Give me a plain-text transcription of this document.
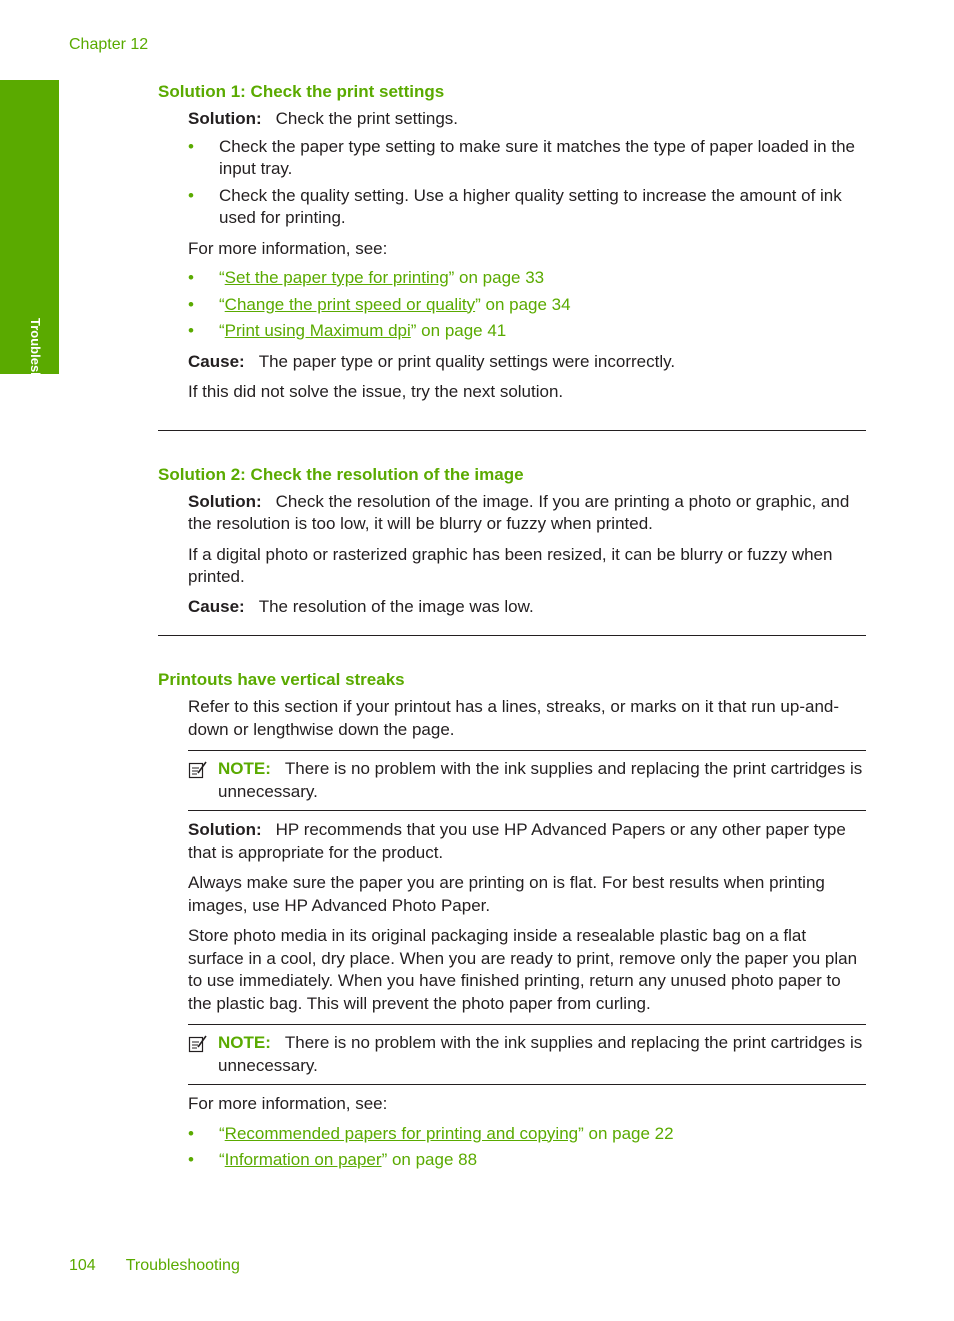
Chapter 12
Troubleshooting
Solution 1: Check the print settings

Solution: Check the print settings.

• Check the paper type setting to make sure it matches the type of paper loaded in the input tray.
• Check the quality setting. Use a higher quality setting to increase the amount of ink used for printing.

For more information, see:

• “Set the paper type for printing” on page 33
• “Change the print speed or quality” on page 34
• “Print using Maximum dpi” on page 41

Cause: The paper type or print quality settings were incorrectly.

If this did not solve the issue, try the next solution.

Solution 2: Check the resolution of the image

Solution: Check the resolution of the image. If you are printing a photo or graphic, and the resolution is too low, it will be blurry or fuzzy when printed.

If a digital photo or rasterized graphic has been resized, it can be blurry or fuzzy when printed.

Cause: The resolution of the image was low.

Printouts have vertical streaks

Refer to this section if your printout has a lines, streaks, or marks on it that run up-and-down or lengthwise down the page.

NOTE: There is no problem with the ink supplies and replacing the print cartridges is unnecessary.

Solution: HP recommends that you use HP Advanced Papers or any other paper type that is appropriate for the product.

Always make sure the paper you are printing on is flat. For best results when printing images, use HP Advanced Photo Paper.

Store photo media in its original packaging inside a resealable plastic bag on a flat surface in a cool, dry place. When you are ready to print, remove only the paper you plan to use immediately. When you have finished printing, return any unused photo paper to the plastic bag. This will prevent the photo paper from curling.

NOTE: There is no problem with the ink supplies and replacing the print cartridges is unnecessary.

For more information, see:

• “Recommended papers for printing and copying” on page 22
• “Information on paper” on page 88
104 Troubleshooting
